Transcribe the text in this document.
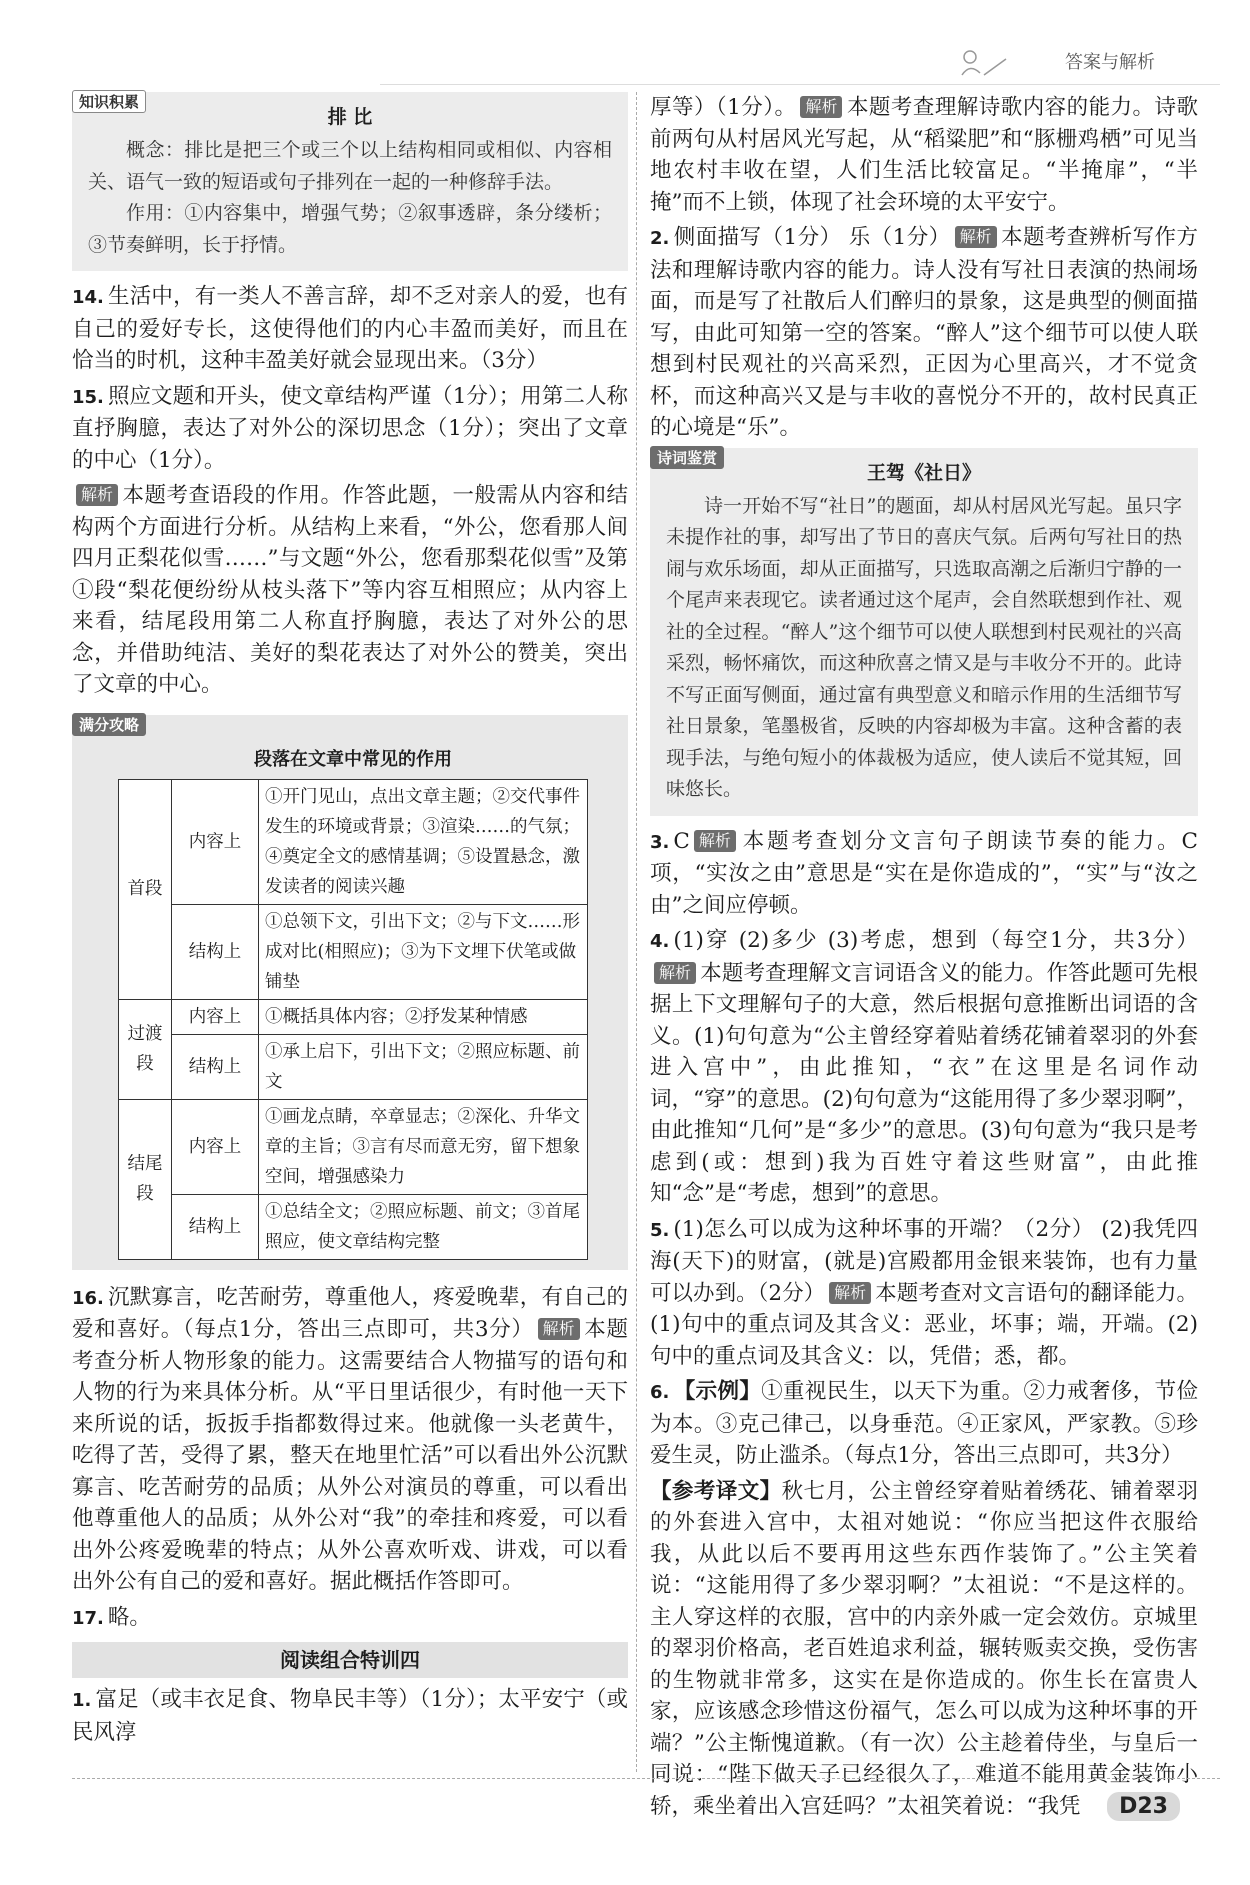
答案与解析
知识积累
排 比

概念：排比是把三个或三个以上结构相同或相似、内容相关、语气一致的短语或句子排列在一起的一种修辞手法。

作用：①内容集中，增强气势；②叙事透辟，条分缕析；③节奏鲜明，长于抒情。

14. 生活中，有一类人不善言辞，却不乏对亲人的爱，也有自己的爱好专长，这使得他们的内心丰盈而美好，而且在恰当的时机，这种丰盈美好就会显现出来。（3分）

15. 照应文题和开头，使文章结构严谨（1分）；用第二人称直抒胸臆，表达了对外公的深切思念（1分）；突出了文章的中心（1分）。

解析 本题考查语段的作用。作答此题，一般需从内容和结构两个方面进行分析。从结构上来看，“外公，您看那人间四月正梨花似雪……”与文题“外公，您看那梨花似雪”及第①段“梨花便纷纷从枝头落下”等内容互相照应；从内容上来看，结尾段用第二人称直抒胸臆，表达了对外公的思念，并借助纯洁、美好的梨花表达了对外公的赞美，突出了文章的中心。

满分攻略
段落在文章中常见的作用
首段	内容上	①开门见山，点出文章主题；②交代事件发生的环境或背景；③渲染……的气氛；④奠定全文的感情基调；⑤设置悬念，激发读者的阅读兴趣
	结构上	①总领下文，引出下文；②与下文……形成对比(相照应)；③为下文埋下伏笔或做铺垫
过渡段	内容上	①概括具体内容；②抒发某种情感
	结构上	①承上启下，引出下文；②照应标题、前文
结尾段	内容上	①画龙点睛，卒章显志；②深化、升华文章的主旨；③言有尽而意无穷，留下想象空间，增强感染力
	结构上	①总结全文；②照应标题、前文；③首尾照应，使文章结构完整

16. 沉默寡言，吃苦耐劳，尊重他人，疼爱晚辈，有自己的爱和喜好。（每点1分，答出三点即可，共3分） 解析 本题考查分析人物形象的能力。这需要结合人物描写的语句和人物的行为来具体分析。从“平日里话很少，有时他一天下来所说的话，扳扳手指都数得过来。他就像一头老黄牛，吃得了苦，受得了累，整天在地里忙活”可以看出外公沉默寡言、吃苦耐劳的品质；从外公对演员的尊重，可以看出他尊重他人的品质；从外公对“我”的牵挂和疼爱，可以看出外公疼爱晚辈的特点；从外公喜欢听戏、讲戏，可以看出外公有自己的爱和喜好。据此概括作答即可。

17. 略。

阅读组合特训四

1. 富足（或丰衣足食、物阜民丰等）（1分）；太平安宁（或民风淳

厚等）（1分）。 解析 本题考查理解诗歌内容的能力。诗歌前两句从村居风光写起，从“稻粱肥”和“豚栅鸡栖”可见当地农村丰收在望，人们生活比较富足。“半掩扉”，“半掩”而不上锁，体现了社会环境的太平安宁。

2. 侧面描写（1分） 乐（1分） 解析 本题考查辨析写作方法和理解诗歌内容的能力。诗人没有写社日表演的热闹场面，而是写了社散后人们醉归的景象，这是典型的侧面描写，由此可知第一空的答案。“醉人”这个细节可以使人联想到村民观社的兴高采烈，正因为心里高兴，才不觉贪杯，而这种高兴又是与丰收的喜悦分不开的，故村民真正的心境是“乐”。

诗词鉴赏
王驾《社日》

诗一开始不写“社日”的题面，却从村居风光写起。虽只字未提作社的事，却写出了节日的喜庆气氛。后两句写社日的热闹与欢乐场面，却从正面描写，只选取高潮之后渐归宁静的一个尾声来表现它。读者通过这个尾声，会自然联想到作社、观社的全过程。“醉人”这个细节可以使人联想到村民观社的兴高采烈，畅怀痛饮，而这种欣喜之情又是与丰收分不开的。此诗不写正面写侧面，通过富有典型意义和暗示作用的生活细节写社日景象，笔墨极省，反映的内容却极为丰富。这种含蓄的表现手法，与绝句短小的体裁极为适应，使人读后不觉其短，回味悠长。

3. C 解析 本题考查划分文言句子朗读节奏的能力。C项，“实汝之由”意思是“实在是你造成的”，“实”与“汝之由”之间应停顿。

4. (1)穿 (2)多少 (3)考虑，想到（每空1分，共3分）解析 本题考查理解文言词语含义的能力。作答此题可先根据上下文理解句子的大意，然后根据句意推断出词语的含义。(1)句句意为“公主曾经穿着贴着绣花铺着翠羽的外套进入宫中”，由此推知，“衣”在这里是名词作动词，“穿”的意思。(2)句句意为“这能用得了多少翠羽啊”，由此推知“几何”是“多少”的意思。(3)句句意为“我只是考虑到(或：想到)我为百姓守着这些财富”，由此推知“念”是“考虑，想到”的意思。

5. (1)怎么可以成为这种坏事的开端？（2分） (2)我凭四海(天下)的财富，(就是)宫殿都用金银来装饰，也有力量可以办到。（2分） 解析 本题考查对文言语句的翻译能力。(1)句中的重点词及其含义：恶业，坏事；端，开端。(2)句中的重点词及其含义：以，凭借；悉，都。

6. 【示例】①重视民生，以天下为重。②力戒奢侈，节俭为本。③克己律己，以身垂范。④正家风，严家教。⑤珍爱生灵，防止滥杀。（每点1分，答出三点即可，共3分）

【参考译文】秋七月，公主曾经穿着贴着绣花、铺着翠羽的外套进入宫中，太祖对她说：“你应当把这件衣服给我，从此以后不要再用这些东西作装饰了。”公主笑着说：“这能用得了多少翠羽啊？”太祖说：“不是这样的。主人穿这样的衣服，宫中的内亲外戚一定会效仿。京城里的翠羽价格高，老百姓追求利益，辗转贩卖交换，受伤害的生物就非常多，这实在是你造成的。你生长在富贵人家，应该感念珍惜这份福气，怎么可以成为这种坏事的开端？”公主惭愧道歉。（有一次）公主趁着侍坐，与皇后一同说：“陛下做天子已经很久了，难道不能用黄金装饰小轿，乘坐着出入宫廷吗？”太祖笑着说：“我凭	D23
